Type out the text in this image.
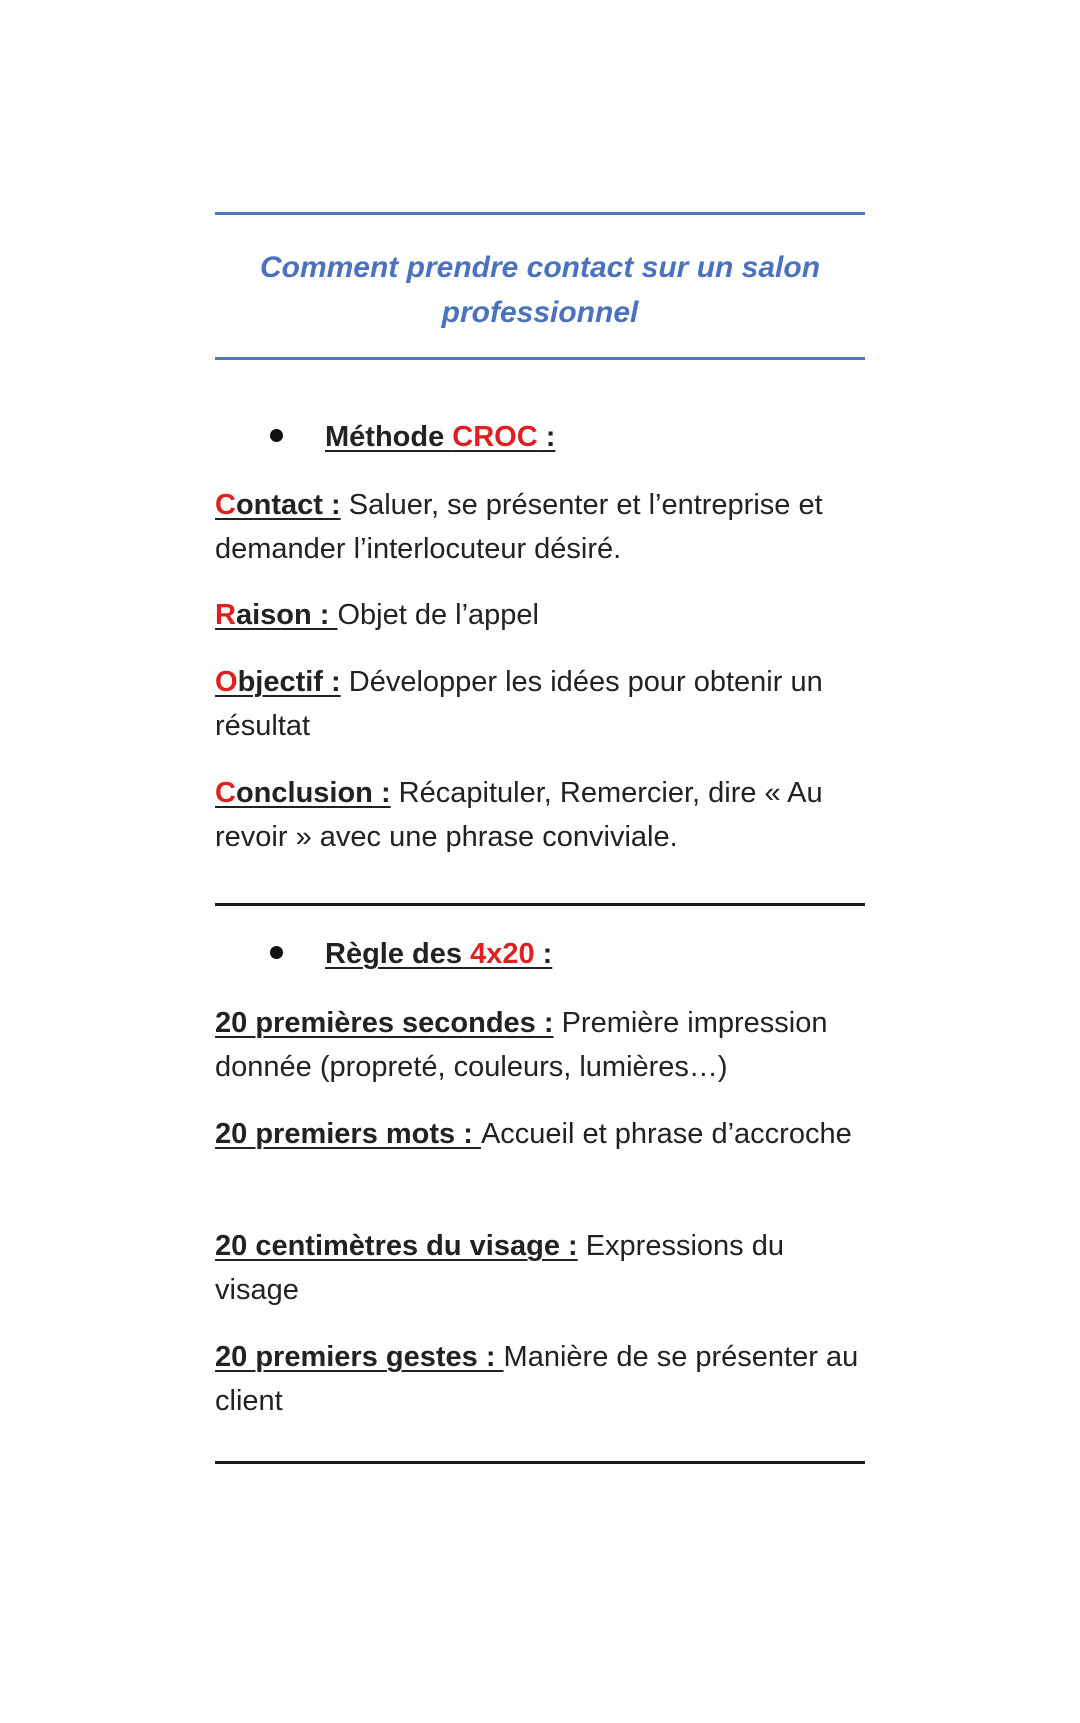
Comment prendre contact sur un salon
professionnel
Méthode CROC :
Contact : Saluer, se présenter et l’entreprise et demander l’interlocuteur désiré.
Raison : Objet de l’appel
Objectif : Développer les idées pour obtenir un résultat
Conclusion : Récapituler, Remercier, dire « Au revoir » avec une phrase conviviale.
Règle des 4x20 :
20 premières secondes : Première impression donnée (propreté, couleurs, lumières…)
20 premiers mots : Accueil et phrase d’accroche
20 centimètres du visage : Expressions du visage
20 premiers gestes : Manière de se présenter au client
